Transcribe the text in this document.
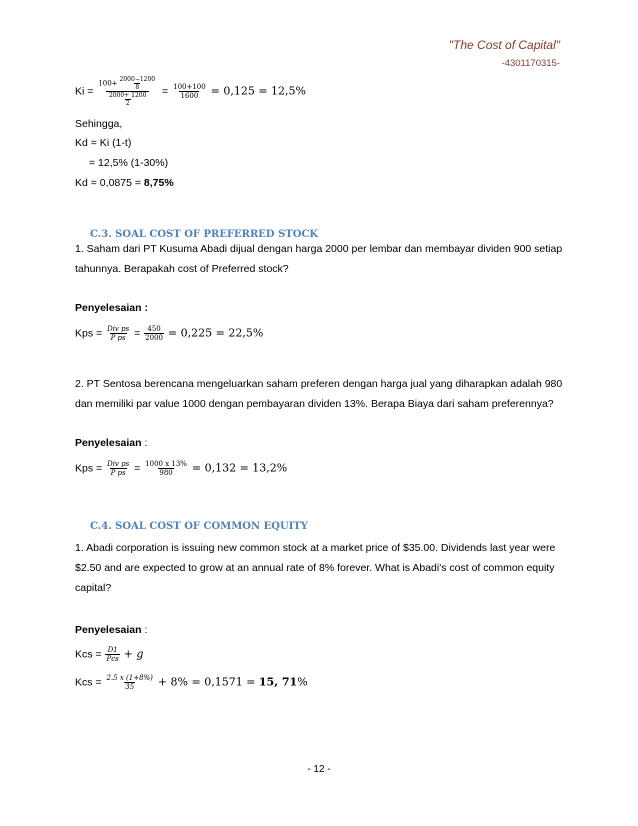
"The Cost of Capital"
-4301170315-
$Ki = \frac{100+ \frac{2000-1200}{8}}{\frac{2000+ 1200}{2}} = \frac{100+100}{1600} = 0,125 = 12,5\%$
Sehingga,
Kd = Ki (1-t)
= 12,5% (1-30%)
Kd = 0,0875 = 8,75%
C.3. SOAL COST OF PREFERRED STOCK
1. Saham dari PT Kusuma Abadi dijual dengan harga 2000 per lembar dan membayar dividen 900 setiap
tahunnya. Berapakah cost of Preferred stock?
Penyelesaian :
Kps = $\frac{\text{Div ps}}{\text{P ps}} = \frac{450}{2000} = 0,225 = 22,5\%$
2. PT Sentosa berencana mengeluarkan saham preferen dengan harga jual yang diharapkan adalah 980
dan memiliki par value 1000 dengan pembayaran dividen 13%. Berapa Biaya dari saham preferennya?
Penyelesaian :
Kps = $\frac{\text{Div ps}}{\text{P ps}} = \frac{1000 x 13\%}{980} = 0,132 = 13,2\%$
C.4. SOAL COST OF COMMON EQUITY
1. Abadi corporation is issuing new common stock at a market price of $35.00. Dividends last year were
$2.50 and are expected to grow at an annual rate of 8% forever. What is Abadi's cost of common equity
capital?
Penyelesaian :
Kcs = $\frac{D1}{\text{Pcs}} + g$
Kcs = $\frac{2.5 x (1+8\%)}{35} + 8\% = 0,1571 = 15$, 71%
- 12 -
